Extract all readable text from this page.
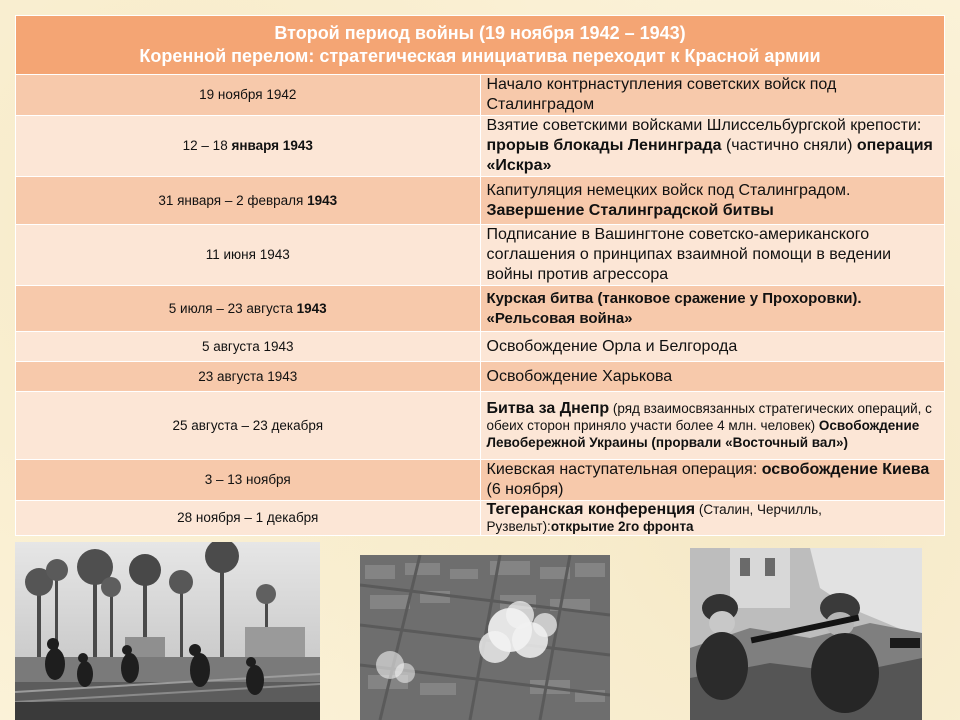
Второй период войны (19 ноября 1942 – 1943)
Коренной перелом: стратегическая инициатива переходит к Красной армии	

19 ноября 1942	Начало контрнаступления советских войск под Сталинградом
12 – 18 января 1943	Взятие советскими войсками Шлиссельбургской крепости: прорыв блокады Ленинграда (частично сняли) операция «Искра»
31 января – 2 февраля 1943	Капитуляция немецких войск под Сталинградом. Завершение Сталинградской битвы
11 июня 1943	Подписание в Вашингтоне советско-американского соглашения о принципах взаимной помощи в ведении войны против агрессора
5 июля – 23 августа 1943	Курская битва (танковое сражение у Прохоровки). «Рельсовая война»
5 августа 1943	Освобождение Орла и Белгорода
23 августа 1943	Освобождение Харькова
25 августа – 23 декабря	Битва за Днепр (ряд взаимосвязанных стратегических операций, с обеих сторон приняло участи более 4 млн. человек) Освобождение Левобережной Украины (прорвали «Восточный вал»)
3 – 13 ноября	Киевская наступательная операция: освобождение Киева (6 ноября)
28 ноября – 1 декабря	Тегеранская конференция (Сталин, Черчилль, Рузвельт):открытие 2го фронта
